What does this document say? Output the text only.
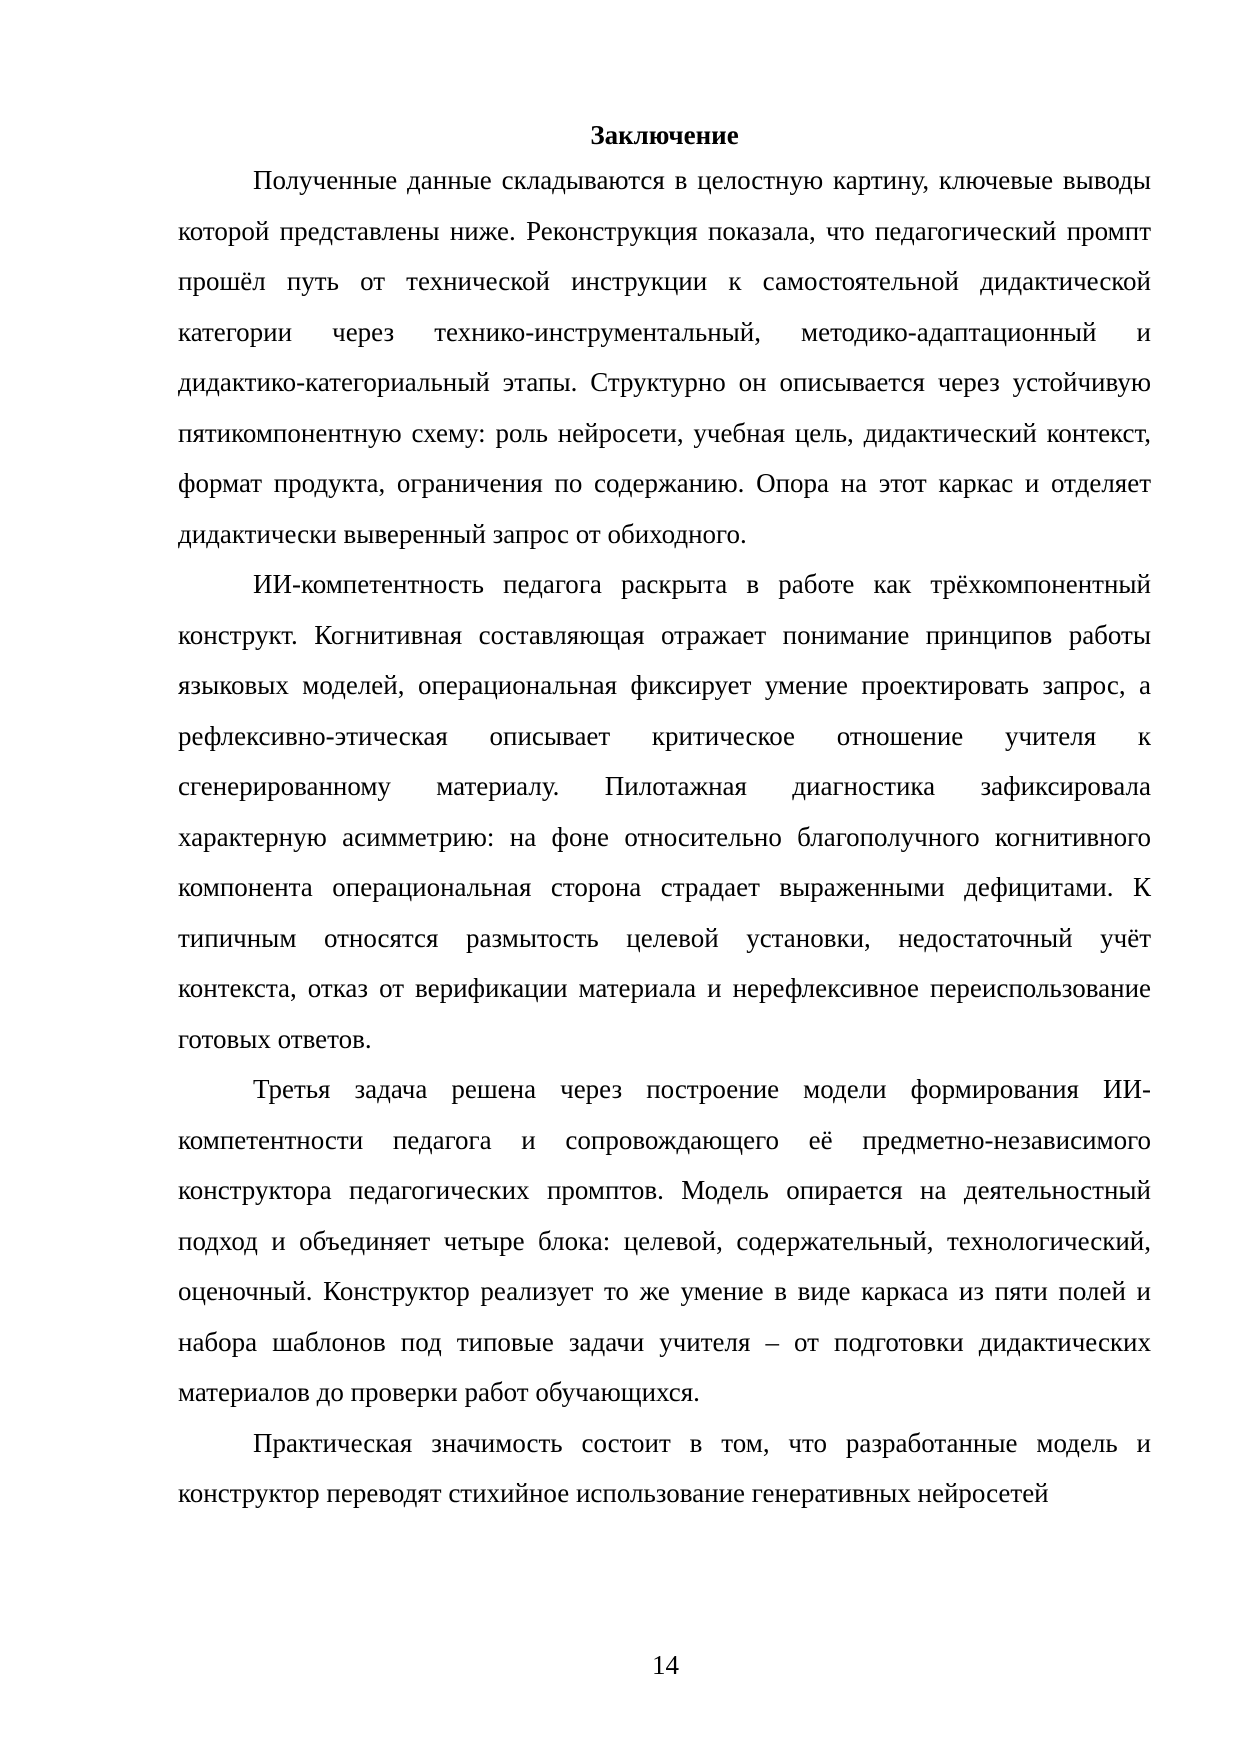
Заключение

Полученные данные складываются в целостную картину, ключевые выводы которой представлены ниже. Реконструкция показала, что педагогический промпт прошёл путь от технической инструкции к самостоятельной дидактической категории через технико-инструментальный, методико-адаптационный и дидактико-категориальный этапы. Структурно он описывается через устойчивую пятикомпонентную схему: роль нейросети, учебная цель, дидактический контекст, формат продукта, ограничения по содержанию. Опора на этот каркас и отделяет дидактически выверенный запрос от обиходного.

ИИ-компетентность педагога раскрыта в работе как трёхкомпонентный конструкт. Когнитивная составляющая отражает понимание принципов работы языковых моделей, операциональная фиксирует умение проектировать запрос, а рефлексивно-этическая описывает критическое отношение учителя к сгенерированному материалу. Пилотажная диагностика зафиксировала характерную асимметрию: на фоне относительно благополучного когнитивного компонента операциональная сторона страдает выраженными дефицитами. К типичным относятся размытость целевой установки, недостаточный учёт контекста, отказ от верификации материала и нерефлексивное переиспользование готовых ответов.

Третья задача решена через построение модели формирования ИИ-компетентности педагога и сопровождающего её предметно-независимого конструктора педагогических промптов. Модель опирается на деятельностный подход и объединяет четыре блока: целевой, содержательный, технологический, оценочный. Конструктор реализует то же умение в виде каркаса из пяти полей и набора шаблонов под типовые задачи учителя – от подготовки дидактических материалов до проверки работ обучающихся.

Практическая значимость состоит в том, что разработанные модель и конструктор переводят стихийное использование генеративных нейросетей

14
